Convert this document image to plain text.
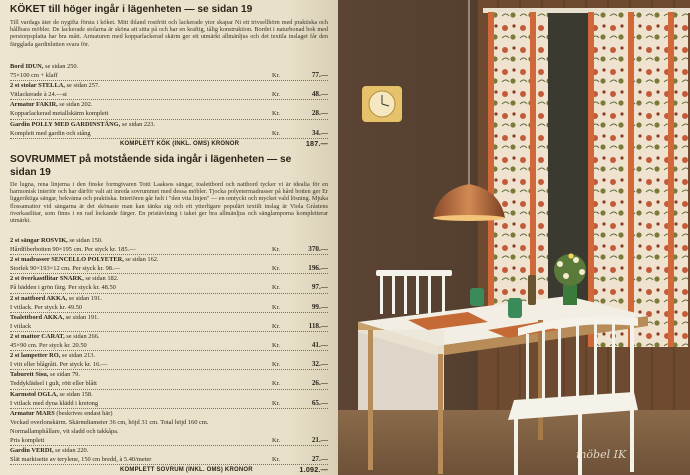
KÖKET till höger ingår i lägenheten — se sidan 19
Till vardags äter de nygifta första i köket. Mitt ibland rostfritt och lackerade ytor skapar Ni ett trivsellhörn med praktiska och hållbara möbler. De lackerade stolarna är sköna att sitta på och har en kraftig, tålig konstruktion. Bordet i naturbonad bok med perstorpsplatta har bra mått. Armaturen med kopparlackerad skärm ger ett utmärkt allmänljus och det textila inslaget får den färgglada gardinlutten svara för.
Bord IDUN, se sidan 250.
75×100 cm + klaff	Kr.	77.—
2 st stolar STELLA, se sidan 257.
Vitlackerade à 24.—st	Kr.	48.—
Armatur FAKIR, se sidan 202.
Kopparlackerad metallskärm komplett	Kr.	28.—
Gardin POLLY MED GARDINSTÅNG, se sidan 223.
Komplett med gardin och stång	Kr.	34.—
KOMPLETT KÖK (INKL. OMS) KRONOR	187.—
SOVRUMMET på motstående sida ingår i lägenheten — se
sidan 19
De lugna, rena linjerna i den finske formgivaren Totti Laaksos sängar, toalettbord och nattbord tycker vi är idealia för en harmonisk interiör och har därför valt att inreda sovrummet med dessa möbler. Tjocka polyetermadrasser på hård botten ger Er liggeriktiga sängar, bekväma och praktiska. Interiören går helt i "den vita linjen" — en omtyckt och mycket vald lösning. Mjuka flossamattor vid sängarna är det skönaste man kan tänka sig och ett ytterligare populärt textilt inslag är Viola Gråstens överkastlitar, som finns i en rad lockande färger. En pristävlning i taket ger bra allmänljus och sänglamporna kompletterar utmärkt.
2 st sängar ROSVIK, se sidan 150.
Hårdfiberbotten 90×195 cm. Per styck kr. 185.—	Kr.	370.—
2 st madrasser SENCELLO POLYETER, se sidan 162.
Storlek 90×193×12 cm. Per styck kr. 98.—	Kr.	196.—
2 st överkastflitar SNARK, se sidan 182.
På bädden i grön färg. Per styck kr. 48.50	Kr.	97.—
2 st nattbord AKKA, se sidan 191.
I vitlack. Per styck kr. 49.50	Kr.	99.—
Toalettbord AKKA, se sidan 191.
I vitlack	Kr.	118.—
2 st mattor CARAT, se sidan 266.
45×90 cm. Per styck kr. 20.50	Kr.	41.—
2 st lampetter RO, se sidan 213.
I vitt eller blågrått. Per styck kr. 16.—	Kr.	32.—
Taburett Sisu, se sidan 79.
Teddyklädsel i gult, rött eller blått	Kr.	26.—
Karmstol OGLA, se sidan 158.
I vitlack med dyna klädd i kretong	Kr.	65.—
Armatur MARS (beskrives endast här)
Veckad overlonskärm. Skärmdiameter 36 cm, höjd 31 cm. Total höjd 160 cm.
Normallamphållare, vit sladd och takkåpa.
Pris komplett	Kr.	21.—
Gardin VERDI, se sidan 220.
Slät markisette av terylene, 150 cm bredd, à 5.40/meter	Kr.	27.—
KOMPLETT SOVRUM (INKL. OMS) KRONOR	1.092.—
möbel IK
